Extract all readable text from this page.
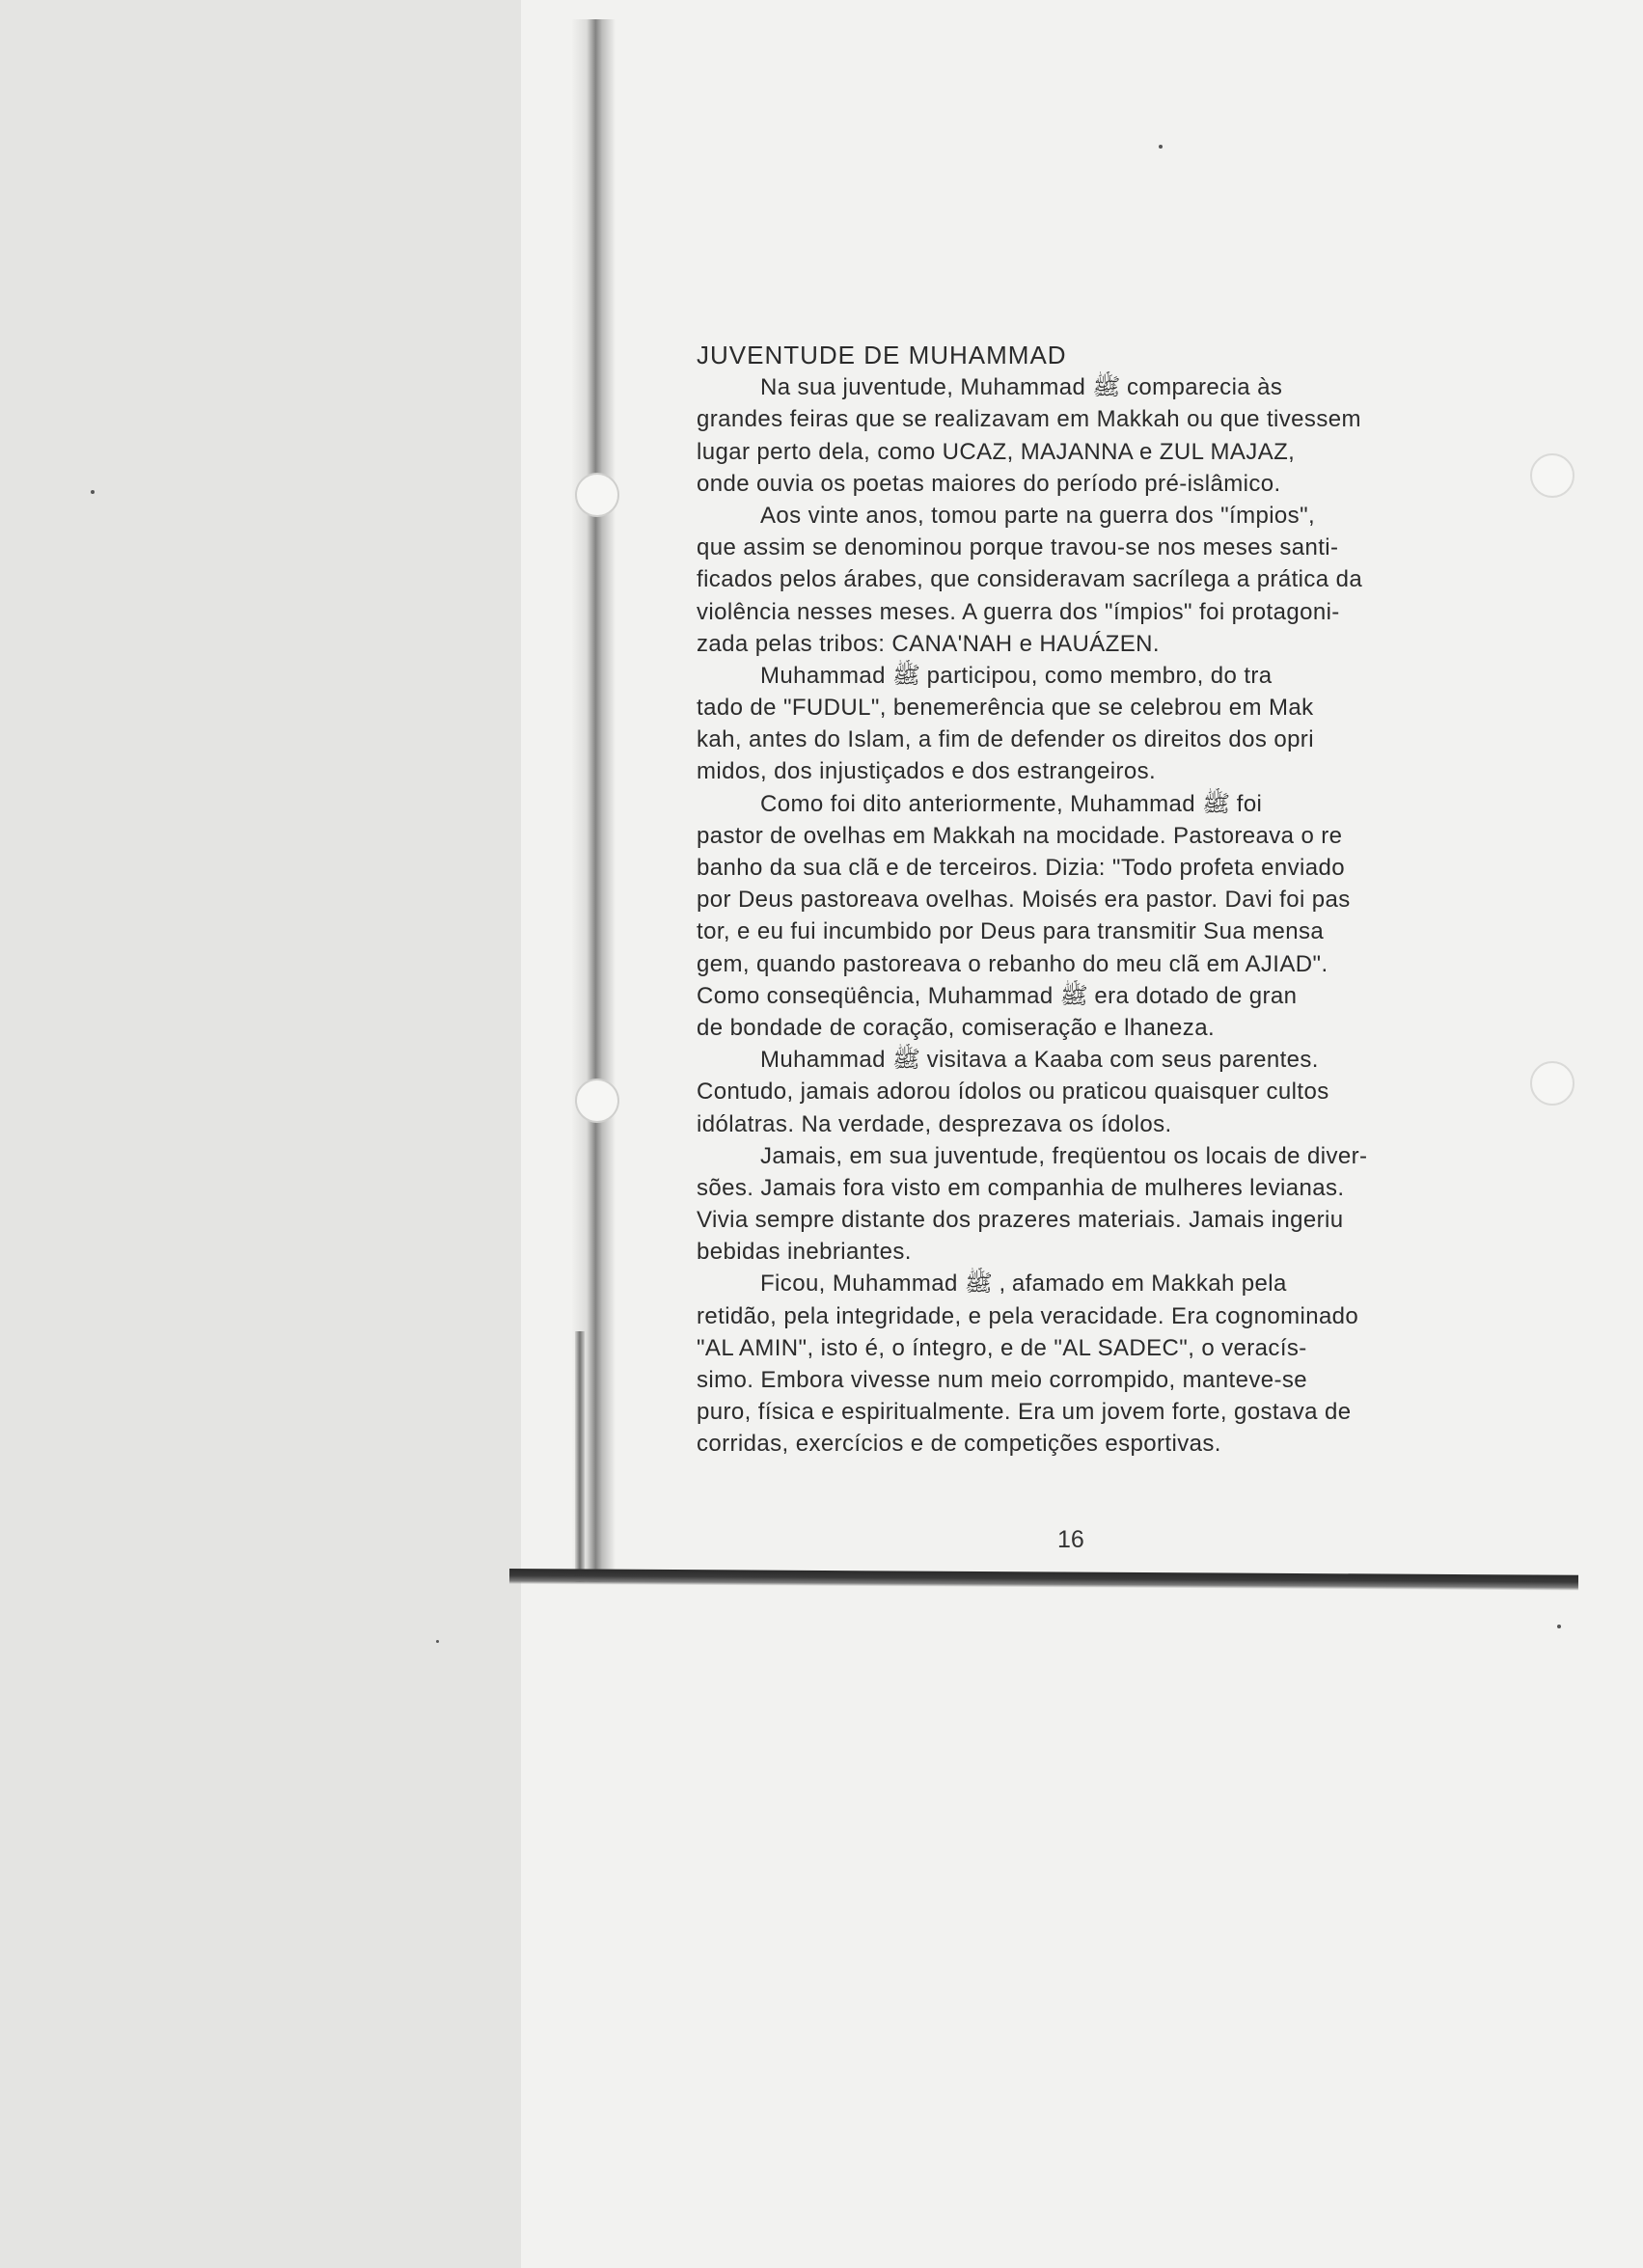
JUVENTUDE DE MUHAMMAD
Na sua juventude, Muhammad ﷺ comparecia às
grandes feiras que se realizavam em Makkah ou que tivessem
lugar perto dela, como UCAZ, MAJANNA e ZUL MAJAZ,
onde ouvia os poetas maiores do período pré-islâmico.
Aos vinte anos, tomou parte na guerra dos "ímpios",
que assim se denominou porque travou-se nos meses santi-
ficados pelos árabes, que consideravam sacrílega a prática da
violência nesses meses. A guerra dos "ímpios" foi protagoni-
zada pelas tribos: CANA'NAH e HAUÁZEN.
Muhammad ﷺ participou, como membro, do tra
tado de "FUDUL", benemerência que se celebrou em Mak
kah, antes do Islam, a fim de defender os direitos dos opri
midos, dos injustiçados e dos estrangeiros.
Como foi dito anteriormente, Muhammad ﷺ foi
pastor de ovelhas em Makkah na mocidade. Pastoreava o re
banho da sua clã e de terceiros. Dizia: "Todo profeta enviado
por Deus pastoreava ovelhas. Moisés era pastor. Davi foi pas
tor, e eu fui incumbido por Deus para transmitir Sua mensa
gem, quando pastoreava o rebanho do meu clã em AJIAD".
Como conseqüência, Muhammad ﷺ era dotado de gran
de bondade de coração, comiseração e lhaneza.
Muhammad ﷺ visitava a Kaaba com seus parentes.
Contudo, jamais adorou ídolos ou praticou quaisquer cultos
idólatras. Na verdade, desprezava os ídolos.
Jamais, em sua juventude, freqüentou os locais de diver-
sões. Jamais fora visto em companhia de mulheres levianas.
Vivia sempre distante dos prazeres materiais. Jamais ingeriu
bebidas inebriantes.
Ficou, Muhammad ﷺ , afamado em Makkah pela
retidão, pela integridade, e pela veracidade. Era cognominado
"AL AMIN", isto é, o íntegro, e de "AL SADEC", o veracís-
simo. Embora vivesse num meio corrompido, manteve-se
puro, física e espiritualmente. Era um jovem forte, gostava de
corridas, exercícios e de competições esportivas.
16
